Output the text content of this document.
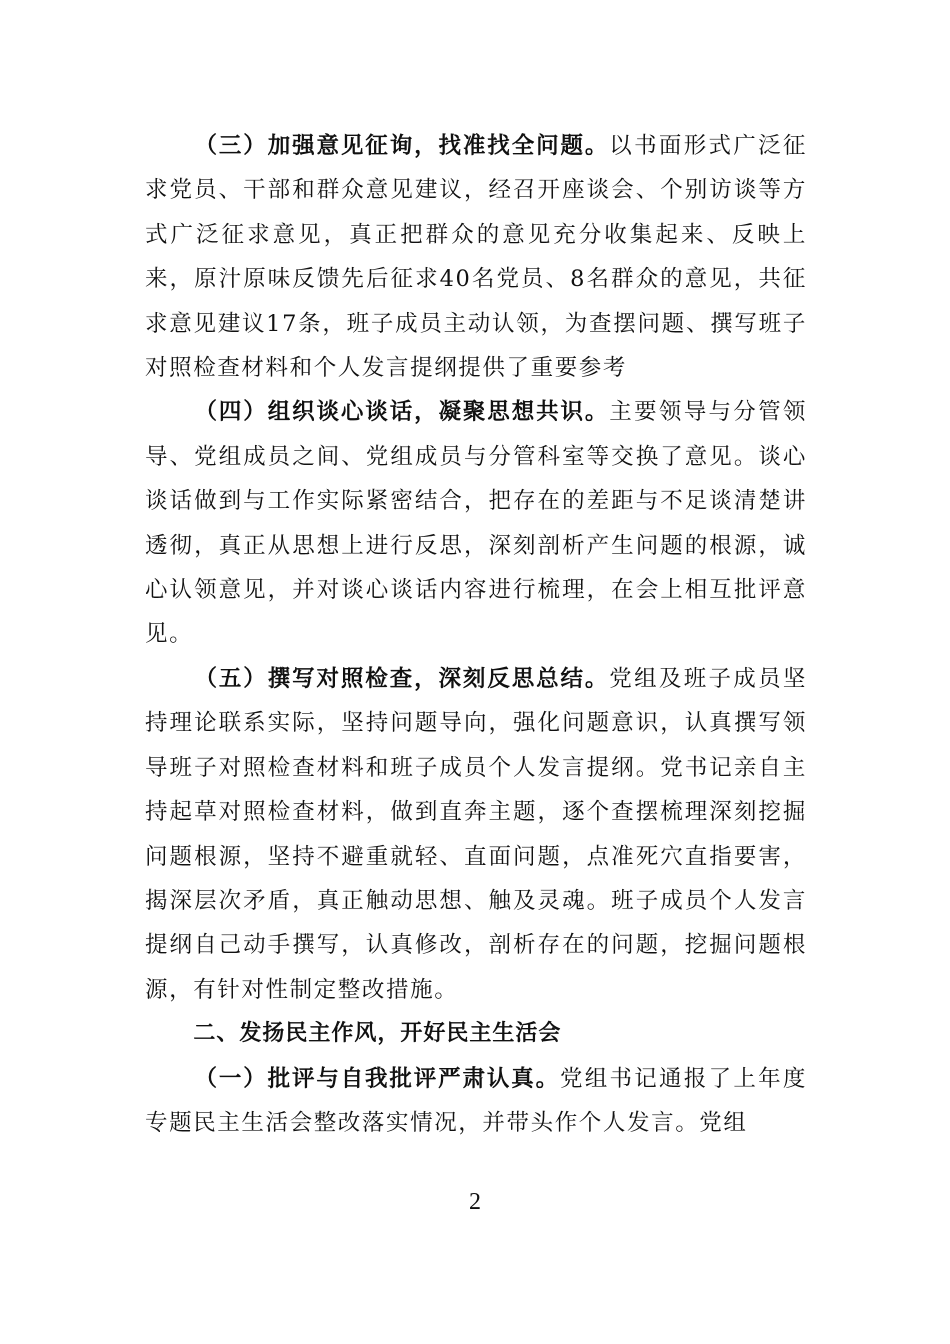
（三）加强意见征询，找准找全问题。以书面形式广泛征求党员、干部和群众意见建议，经召开座谈会、个别访谈等方式广泛征求意见，真正把群众的意见充分收集起来、反映上来，原汁原味反馈先后征求40名党员、8名群众的意见，共征求意见建议17条，班子成员主动认领，为查摆问题、撰写班子对照检查材料和个人发言提纲提供了重要参考

（四）组织谈心谈话，凝聚思想共识。主要领导与分管领导、党组成员之间、党组成员与分管科室等交换了意见。谈心谈话做到与工作实际紧密结合，把存在的差距与不足谈清楚讲透彻，真正从思想上进行反思，深刻剖析产生问题的根源，诚心认领意见，并对谈心谈话内容进行梳理，在会上相互批评意见。

（五）撰写对照检查，深刻反思总结。党组及班子成员坚持理论联系实际，坚持问题导向，强化问题意识，认真撰写领导班子对照检查材料和班子成员个人发言提纲。党书记亲自主持起草对照检查材料，做到直奔主题，逐个查摆梳理深刻挖掘问题根源，坚持不避重就轻、直面问题，点准死穴直指要害，揭深层次矛盾，真正触动思想、触及灵魂。班子成员个人发言提纲自己动手撰写，认真修改，剖析存在的问题，挖掘问题根源，有针对性制定整改措施。

二、发扬民主作风，开好民主生活会

（一）批评与自我批评严肃认真。党组书记通报了上年度专题民主生活会整改落实情况，并带头作个人发言。党组

2
